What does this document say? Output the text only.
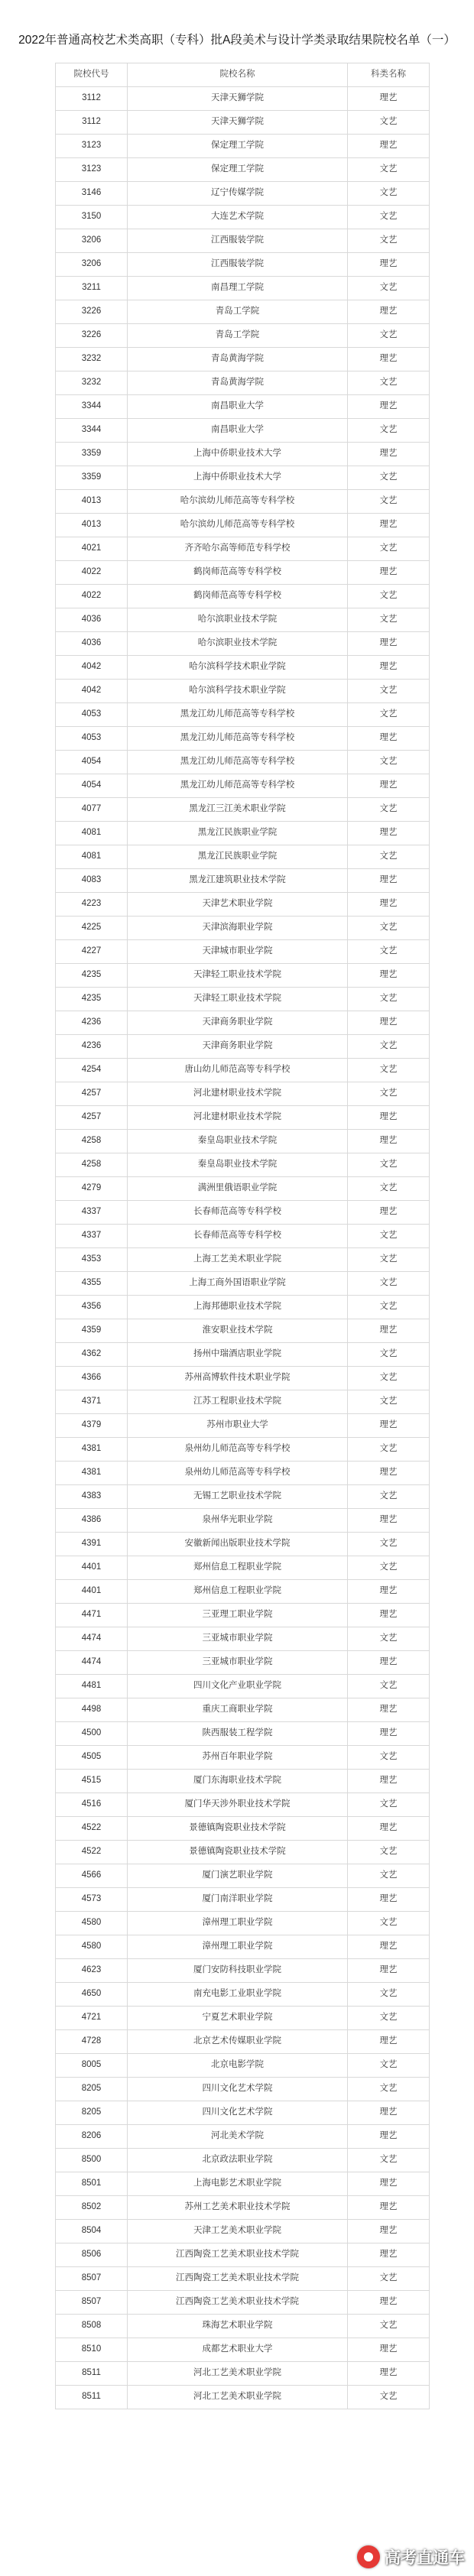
2022年普通高校艺术类高职（专科）批A段美术与设计学类录取结果院校名单（一）
院校代号	院校名称	科类名称
3112	天津天狮学院	理艺
3112	天津天狮学院	文艺
3123	保定理工学院	理艺
3123	保定理工学院	文艺
3146	辽宁传媒学院	文艺
3150	大连艺术学院	文艺
3206	江西服装学院	文艺
3206	江西服装学院	理艺
3211	南昌理工学院	文艺
3226	青岛工学院	理艺
3226	青岛工学院	文艺
3232	青岛黄海学院	理艺
3232	青岛黄海学院	文艺
3344	南昌职业大学	理艺
3344	南昌职业大学	文艺
3359	上海中侨职业技术大学	理艺
3359	上海中侨职业技术大学	文艺
4013	哈尔滨幼儿师范高等专科学校	文艺
4013	哈尔滨幼儿师范高等专科学校	理艺
4021	齐齐哈尔高等师范专科学校	文艺
4022	鹤岗师范高等专科学校	理艺
4022	鹤岗师范高等专科学校	文艺
4036	哈尔滨职业技术学院	文艺
4036	哈尔滨职业技术学院	理艺
4042	哈尔滨科学技术职业学院	理艺
4042	哈尔滨科学技术职业学院	文艺
4053	黑龙江幼儿师范高等专科学校	文艺
4053	黑龙江幼儿师范高等专科学校	理艺
4054	黑龙江幼儿师范高等专科学校	文艺
4054	黑龙江幼儿师范高等专科学校	理艺
4077	黑龙江三江美术职业学院	文艺
4081	黑龙江民族职业学院	理艺
4081	黑龙江民族职业学院	文艺
4083	黑龙江建筑职业技术学院	理艺
4223	天津艺术职业学院	理艺
4225	天津滨海职业学院	文艺
4227	天津城市职业学院	文艺
4235	天津轻工职业技术学院	理艺
4235	天津轻工职业技术学院	文艺
4236	天津商务职业学院	理艺
4236	天津商务职业学院	文艺
4254	唐山幼儿师范高等专科学校	文艺
4257	河北建材职业技术学院	文艺
4257	河北建材职业技术学院	理艺
4258	秦皇岛职业技术学院	理艺
4258	秦皇岛职业技术学院	文艺
4279	满洲里俄语职业学院	文艺
4337	长春师范高等专科学校	理艺
4337	长春师范高等专科学校	文艺
4353	上海工艺美术职业学院	文艺
4355	上海工商外国语职业学院	文艺
4356	上海邦德职业技术学院	文艺
4359	淮安职业技术学院	理艺
4362	扬州中瑞酒店职业学院	文艺
4366	苏州高博软件技术职业学院	文艺
4371	江苏工程职业技术学院	文艺
4379	苏州市职业大学	理艺
4381	泉州幼儿师范高等专科学校	文艺
4381	泉州幼儿师范高等专科学校	理艺
4383	无锡工艺职业技术学院	文艺
4386	泉州华光职业学院	理艺
4391	安徽新闻出版职业技术学院	文艺
4401	郑州信息工程职业学院	文艺
4401	郑州信息工程职业学院	理艺
4471	三亚理工职业学院	理艺
4474	三亚城市职业学院	文艺
4474	三亚城市职业学院	理艺
4481	四川文化产业职业学院	文艺
4498	重庆工商职业学院	理艺
4500	陕西服装工程学院	理艺
4505	苏州百年职业学院	文艺
4515	厦门东海职业技术学院	理艺
4516	厦门华天涉外职业技术学院	文艺
4522	景德镇陶瓷职业技术学院	理艺
4522	景德镇陶瓷职业技术学院	文艺
4566	厦门演艺职业学院	文艺
4573	厦门南洋职业学院	理艺
4580	漳州理工职业学院	文艺
4580	漳州理工职业学院	理艺
4623	厦门安防科技职业学院	理艺
4650	南充电影工业职业学院	文艺
4721	宁夏艺术职业学院	文艺
4728	北京艺术传媒职业学院	理艺
8005	北京电影学院	文艺
8205	四川文化艺术学院	文艺
8205	四川文化艺术学院	理艺
8206	河北美术学院	理艺
8500	北京政法职业学院	文艺
8501	上海电影艺术职业学院	理艺
8502	苏州工艺美术职业技术学院	理艺
8504	天津工艺美术职业学院	理艺
8506	江西陶瓷工艺美术职业技术学院	理艺
8507	江西陶瓷工艺美术职业技术学院	文艺
8507	江西陶瓷工艺美术职业技术学院	理艺
8508	珠海艺术职业学院	文艺
8510	成都艺术职业大学	理艺
8511	河北工艺美术职业学院	理艺
8511	河北工艺美术职业学院	文艺
高考直通车
